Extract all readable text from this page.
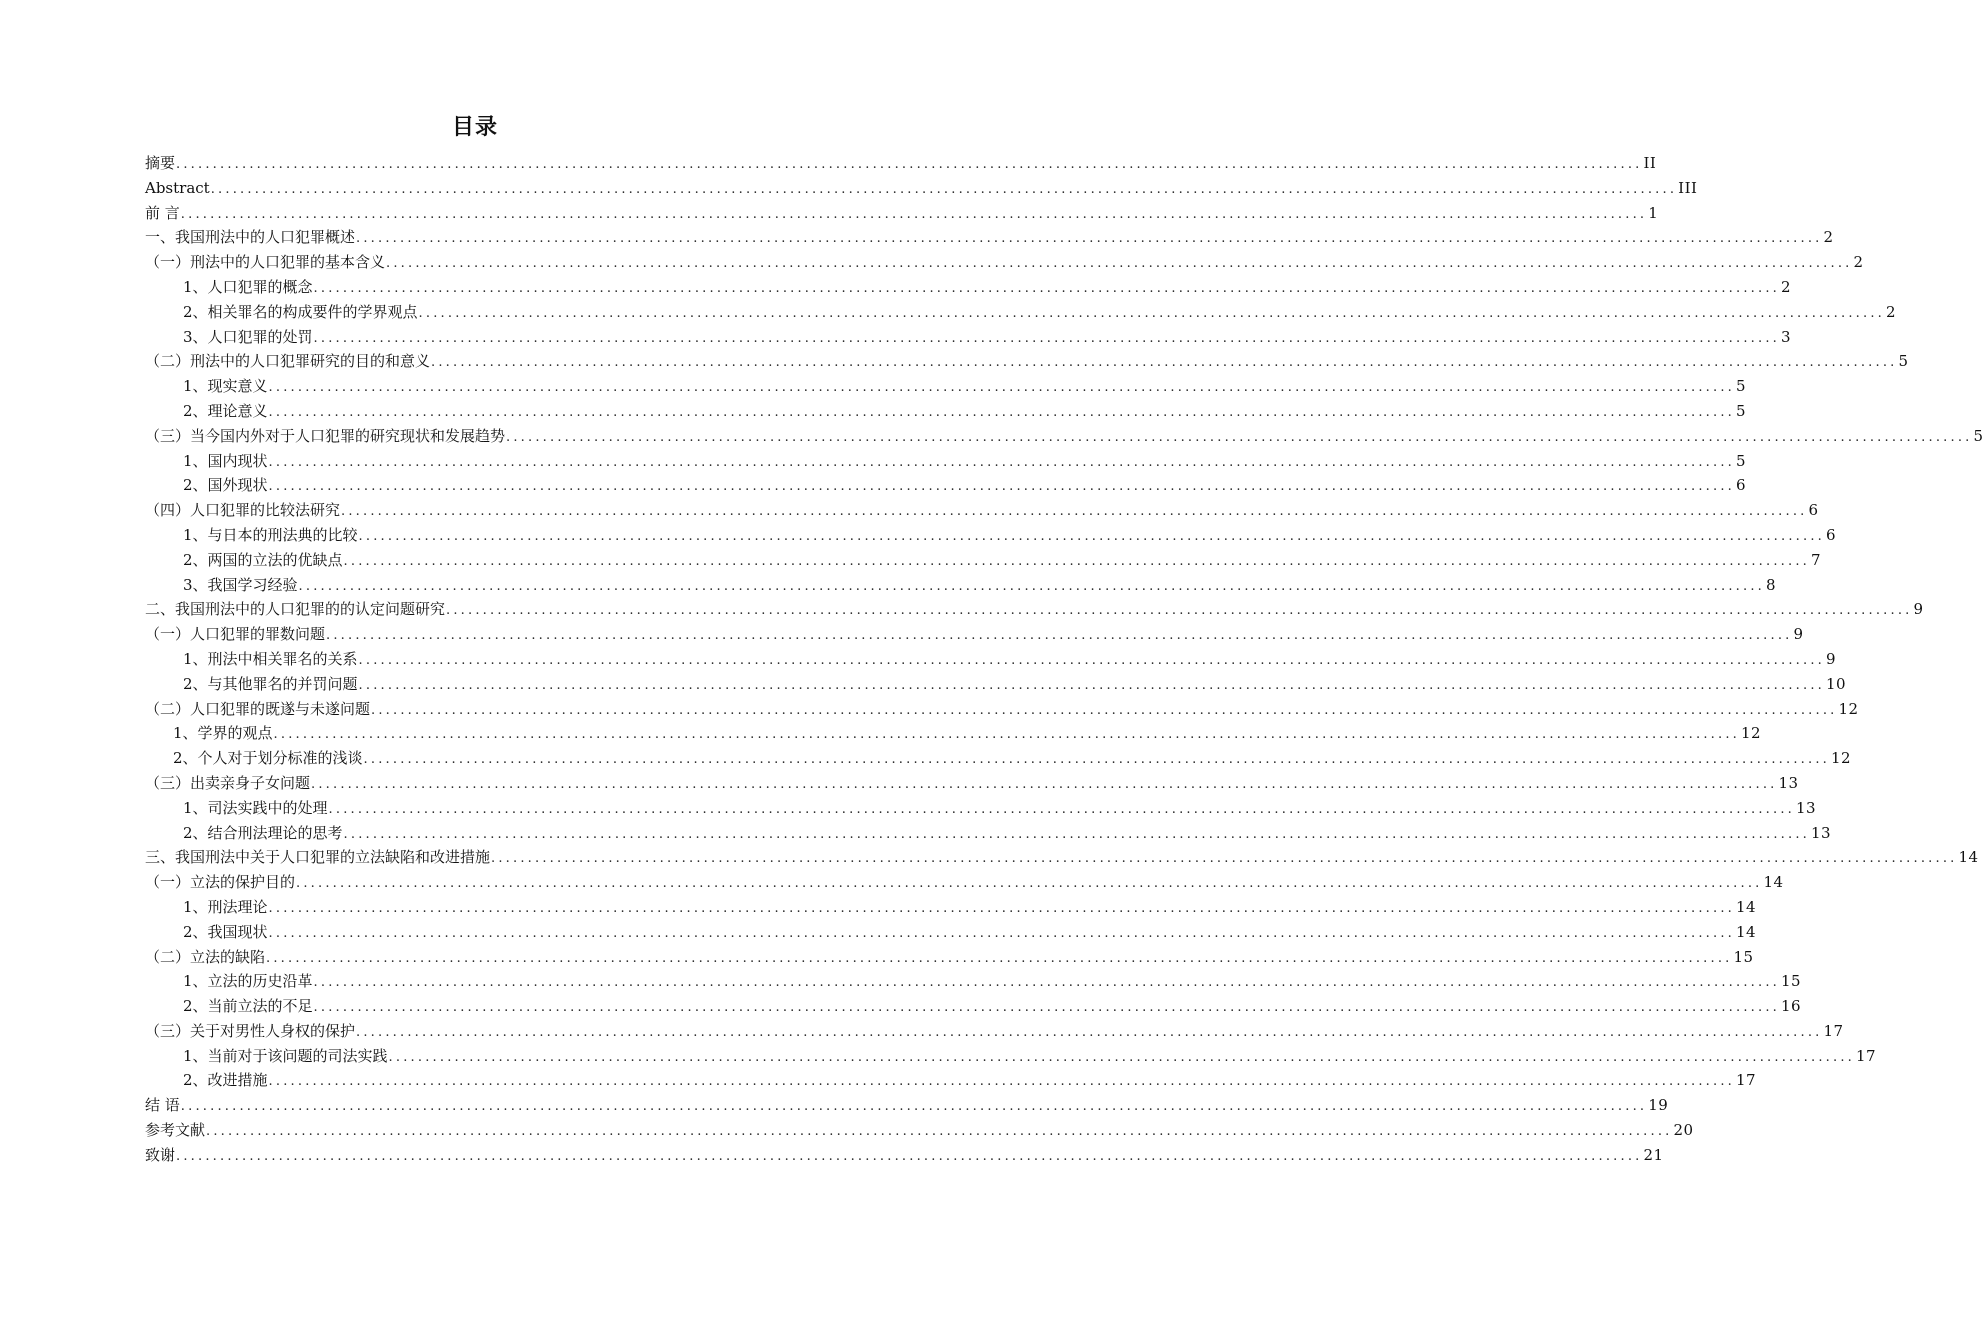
目录
摘要 ........................................................................................................................................................................................................ II
Abstract ........................................................................................................................................................................................................ III
前 言 ........................................................................................................................................................................................................ 1
一、我国刑法中的人口犯罪概述 ........................................................................................................................................................................................................ 2
（一）刑法中的人口犯罪的基本含义 ........................................................................................................................................................................................................ 2
1、人口犯罪的概念 ........................................................................................................................................................................................................ 2
2、相关罪名的构成要件的学界观点 ........................................................................................................................................................................................................ 2
3、人口犯罪的处罚 ........................................................................................................................................................................................................ 3
（二）刑法中的人口犯罪研究的目的和意义 ........................................................................................................................................................................................................ 5
1、现实意义 ........................................................................................................................................................................................................ 5
2、理论意义 ........................................................................................................................................................................................................ 5
（三）当今国内外对于人口犯罪的研究现状和发展趋势 ........................................................................................................................................................................................................ 5
1、国内现状 ........................................................................................................................................................................................................ 5
2、国外现状 ........................................................................................................................................................................................................ 6
（四）人口犯罪的比较法研究 ........................................................................................................................................................................................................ 6
1、与日本的刑法典的比较 ........................................................................................................................................................................................................ 6
2、两国的立法的优缺点 ........................................................................................................................................................................................................ 7
3、我国学习经验 ........................................................................................................................................................................................................ 8
二、我国刑法中的人口犯罪的的认定问题研究 ........................................................................................................................................................................................................ 9
（一）人口犯罪的罪数问题 ........................................................................................................................................................................................................ 9
1、刑法中相关罪名的关系 ........................................................................................................................................................................................................ 9
2、与其他罪名的并罚问题 ........................................................................................................................................................................................................ 10
（二）人口犯罪的既遂与未遂问题 ........................................................................................................................................................................................................ 12
1、学界的观点 ........................................................................................................................................................................................................ 12
2、个人对于划分标准的浅谈 ........................................................................................................................................................................................................ 12
（三）出卖亲身子女问题 ........................................................................................................................................................................................................ 13
1、司法实践中的处理 ........................................................................................................................................................................................................ 13
2、结合刑法理论的思考 ........................................................................................................................................................................................................ 13
三、我国刑法中关于人口犯罪的立法缺陷和改进措施 ........................................................................................................................................................................................................ 14
（一）立法的保护目的 ........................................................................................................................................................................................................ 14
1、刑法理论 ........................................................................................................................................................................................................ 14
2、我国现状 ........................................................................................................................................................................................................ 14
（二）立法的缺陷 ........................................................................................................................................................................................................ 15
1、立法的历史沿革 ........................................................................................................................................................................................................ 15
2、当前立法的不足 ........................................................................................................................................................................................................ 16
（三）关于对男性人身权的保护 ........................................................................................................................................................................................................ 17
1、当前对于该问题的司法实践 ........................................................................................................................................................................................................ 17
2、改进措施 ........................................................................................................................................................................................................ 17
结 语 ........................................................................................................................................................................................................ 19
参考文献 ........................................................................................................................................................................................................ 20
致谢 ........................................................................................................................................................................................................ 21
